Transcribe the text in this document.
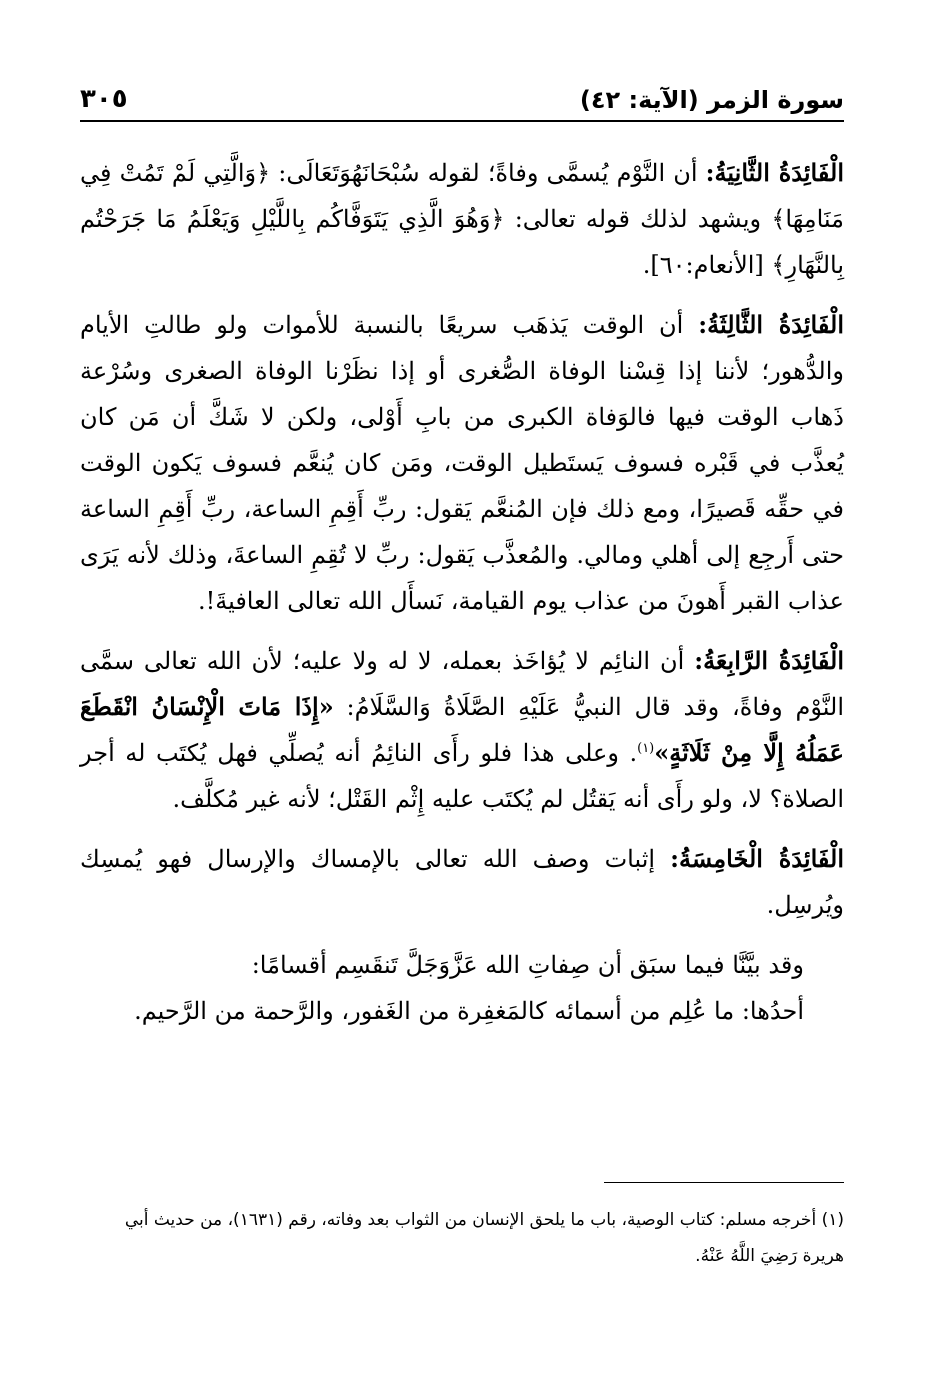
سورة الزمر (الآية: ٤٢)
٣٠٥

الْفَائِدَةُ الثَّانِيَةُ: أن النَّوْم يُسمَّى وفاةً؛ لقوله سُبْحَانَهُوَتَعَالَى: ﴿وَالَّتِي لَمْ تَمُتْ فِي مَنَامِهَا﴾ ويشهد لذلك قوله تعالى: ﴿وَهُوَ الَّذِي يَتَوَفَّاكُم بِاللَّيْلِ وَيَعْلَمُ مَا جَرَحْتُم بِالنَّهَارِ﴾ [الأنعام:٦٠].

الْفَائِدَةُ الثَّالِثَةُ: أن الوقت يَذهَب سريعًا بالنسبة للأموات ولو طالتِ الأيام والدُّهور؛ لأننا إذا قِسْنا الوفاة الصُّغرى أو إذا نظَرْنا الوفاة الصغرى وسُرْعة ذَهاب الوقت فيها فالوَفاة الكبرى من بابِ أَوْلى، ولكن لا شَكَّ أن مَن كان يُعذَّب في قَبْره فسوف يَستَطيل الوقت، ومَن كان يُنعَّم فسوف يَكون الوقت في حقِّه قَصيرًا، ومع ذلك فإن المُنعَّم يَقول: ربِّ أَقِمِ الساعة، ربِّ أَقِمِ الساعة حتى أَرجِع إلى أهلي ومالي. والمُعذَّب يَقول: ربِّ لا تُقِمِ الساعةَ، وذلك لأنه يَرَى عذاب القبر أَهونَ من عذاب يوم القيامة، نَسأَل الله تعالى العافيةَ!.

الْفَائِدَةُ الرَّابِعَةُ: أن النائِم لا يُؤاخَذ بعمله، لا له ولا عليه؛ لأن الله تعالى سمَّى النَّوْم وفاةً، وقد قال النبيُّ عَلَيْهِ الصَّلَاةُ وَالسَّلَامُ: «إِذَا مَاتَ الْإِنْسَانُ انْقَطَعَ عَمَلُهُ إِلَّا مِنْ ثَلَاثَةٍ»$^{(١)}$. وعلى هذا فلو رأَى النائِمُ أنه يُصلِّي فهل يُكتَب له أجر الصلاة؟ لا، ولو رأَى أنه يَقتُل لم يُكتَب عليه إِثْم القَتْل؛ لأنه غير مُكلَّف.

الْفَائِدَةُ الْخَامِسَةُ: إثبات وصف الله تعالى بالإمساك والإرسال فهو يُمسِك ويُرسِل.

وقد بيَّنَّا فيما سبَق أن صِفاتِ الله عَزَّوَجَلَّ تَنقَسِم أقسامًا:

أحدُها: ما عُلِم من أسمائه كالمَغفِرة من الغَفور، والرَّحمة من الرَّحيم.

(١) أخرجه مسلم: كتاب الوصية، باب ما يلحق الإنسان من الثواب بعد وفاته، رقم (١٦٣١)، من حديث أبي هريرة رَضِيَ اللَّهُ عَنْهُ.
